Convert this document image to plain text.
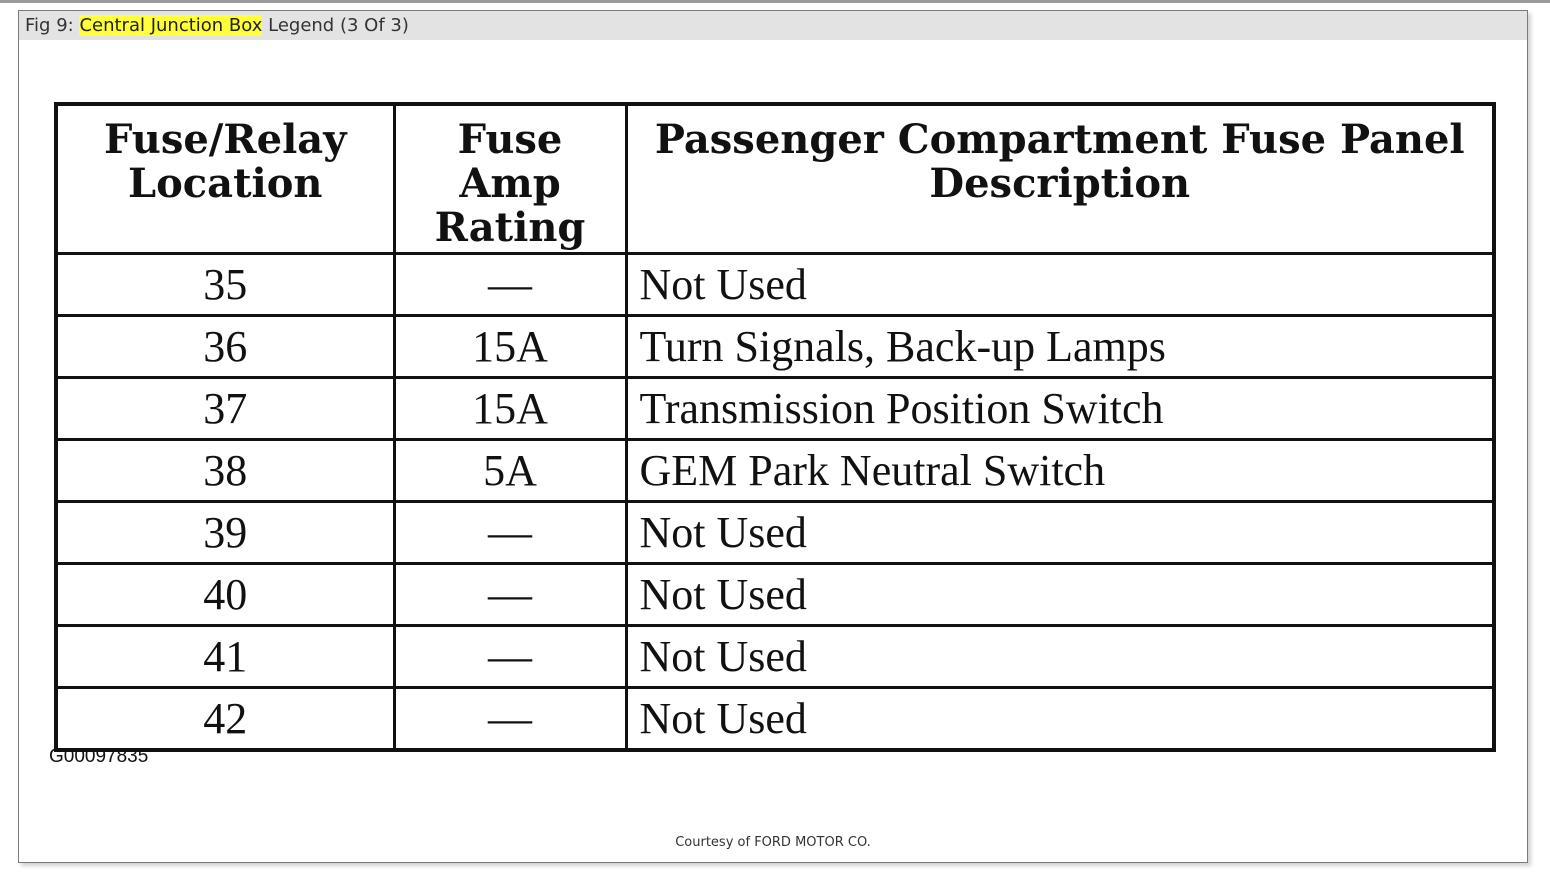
Fig 9: Central Junction Box Legend (3 Of 3)
Fuse/Relay Location	Fuse Amp Rating	Passenger Compartment Fuse Panel Description
35	—	Not Used
36	15A	Turn Signals, Back-up Lamps
37	15A	Transmission Position Switch
38	5A	GEM Park Neutral Switch
39	—	Not Used
40	—	Not Used
41	—	Not Used
42	—	Not Used
G00097835
Courtesy of FORD MOTOR CO.
